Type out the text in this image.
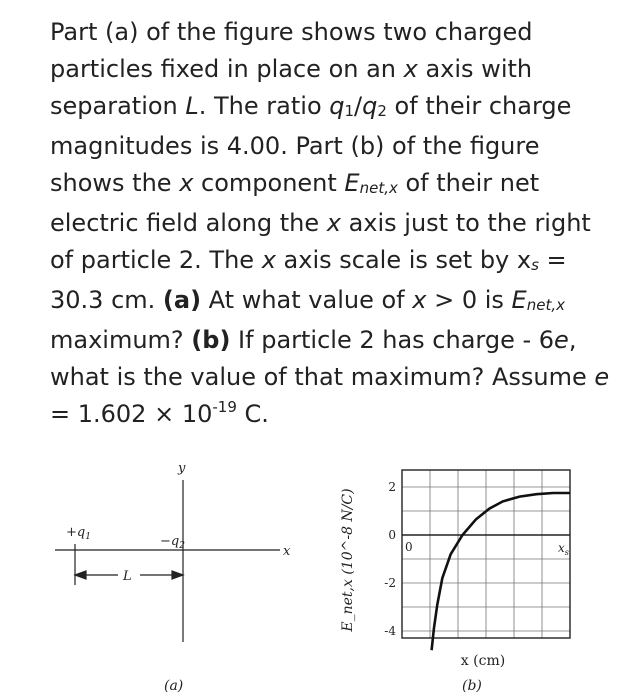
Part (a) of the figure shows two charged particles fixed in place on an x axis with separation L. The ratio $q_1/q_2$ of their charge magnitudes is 4.00. Part (b) of the figure shows the x component $E_{net,x}$ of their net electric field along the x axis just to the right of particle 2. The x axis scale is set by $x_s = 30.3$ cm. (a) At what value of x > 0 is $E_{net,x}$ maximum? (b) If particle 2 has charge - 6e, what is the value of that maximum? Assume $e = 1.602 \times 10^{-19}$ C.
y
x
$+q_1$	$-q_2$
L
(a)
2
0
-2
-4
0	$x_s$
E_net,x (10^-8 N/C)
x (cm)
(b)
